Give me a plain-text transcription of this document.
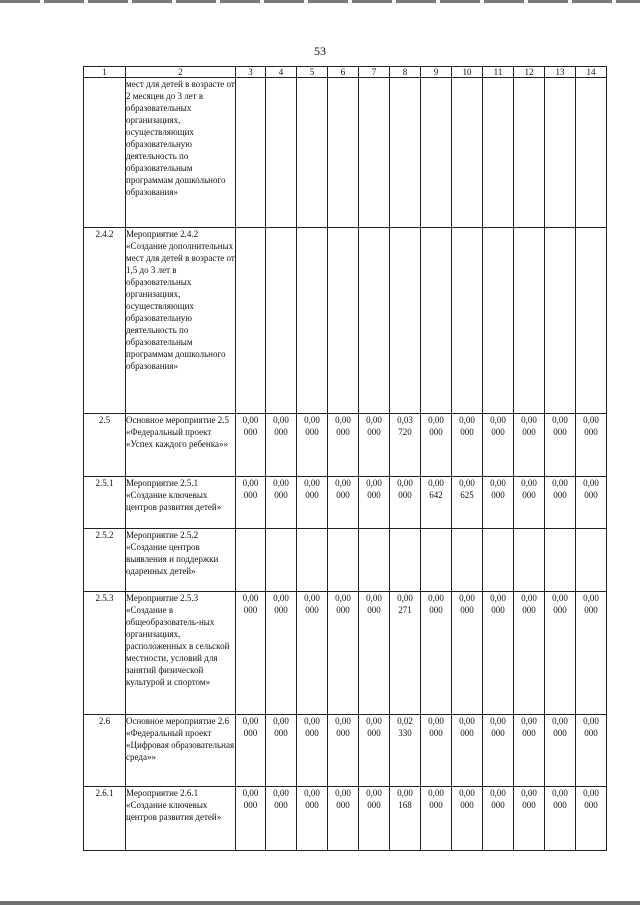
53
1	2	3	4	5	6	7	8	9	10	11	12	13	14
	мест для детей в возрасте от 2 месяцев до 3 лет в образовательных организациях, осуществляющих образовательную деятельность по образовательным программам дошкольного образования»												
2.4.2	Мероприятие 2.4.2 «Создание дополнительных мест для детей в возрасте от 1,5 до 3 лет в образовательных организациях, осуществляющих образовательную деятельность по образовательным программам дошкольного образования»												
2.5	Основное мероприятие 2.5 «Федеральный проект «Успех каждого ребенка»»	0,00 000	0,00 000	0,00 000	0,00 000	0,00 000	0,03 720	0,00 000	0,00 000	0,00 000	0,00 000	0,00 000	0,00 000
2.5.1	Мероприятие 2.5.1 «Создание ключевых центров развития детей»	0,00 000	0,00 000	0,00 000	0,00 000	0,00 000	0,00 000	0,00 642	0,00 625	0,00 000	0,00 000	0,00 000	0,00 000
2.5.2	Мероприятие 2.5.2 «Создание центров выявления и поддержки одаренных детей»												
2.5.3	Мероприятие 2.5.3 «Создание в общеобразователь-ных организациях, расположенных в сельской местности, условий для занятий физической культурой и спортом»	0,00 000	0,00 000	0,00 000	0,00 000	0,00 000	0,00 271	0,00 000	0,00 000	0,00 000	0,00 000	0,00 000	0,00 000
2.6	Основное мероприятие 2.6 «Федеральный проект «Цифровая образовательная среда»»	0,00 000	0,00 000	0,00 000	0,00 000	0,00 000	0,02 330	0,00 000	0,00 000	0,00 000	0,00 000	0,00 000	0,00 000
2.6.1	Мероприятие 2.6.1 «Создание ключевых центров развития детей»	0,00 000	0,00 000	0,00 000	0,00 000	0,00 000	0,00 168	0,00 000	0,00 000	0,00 000	0,00 000	0,00 000	0,00 000
